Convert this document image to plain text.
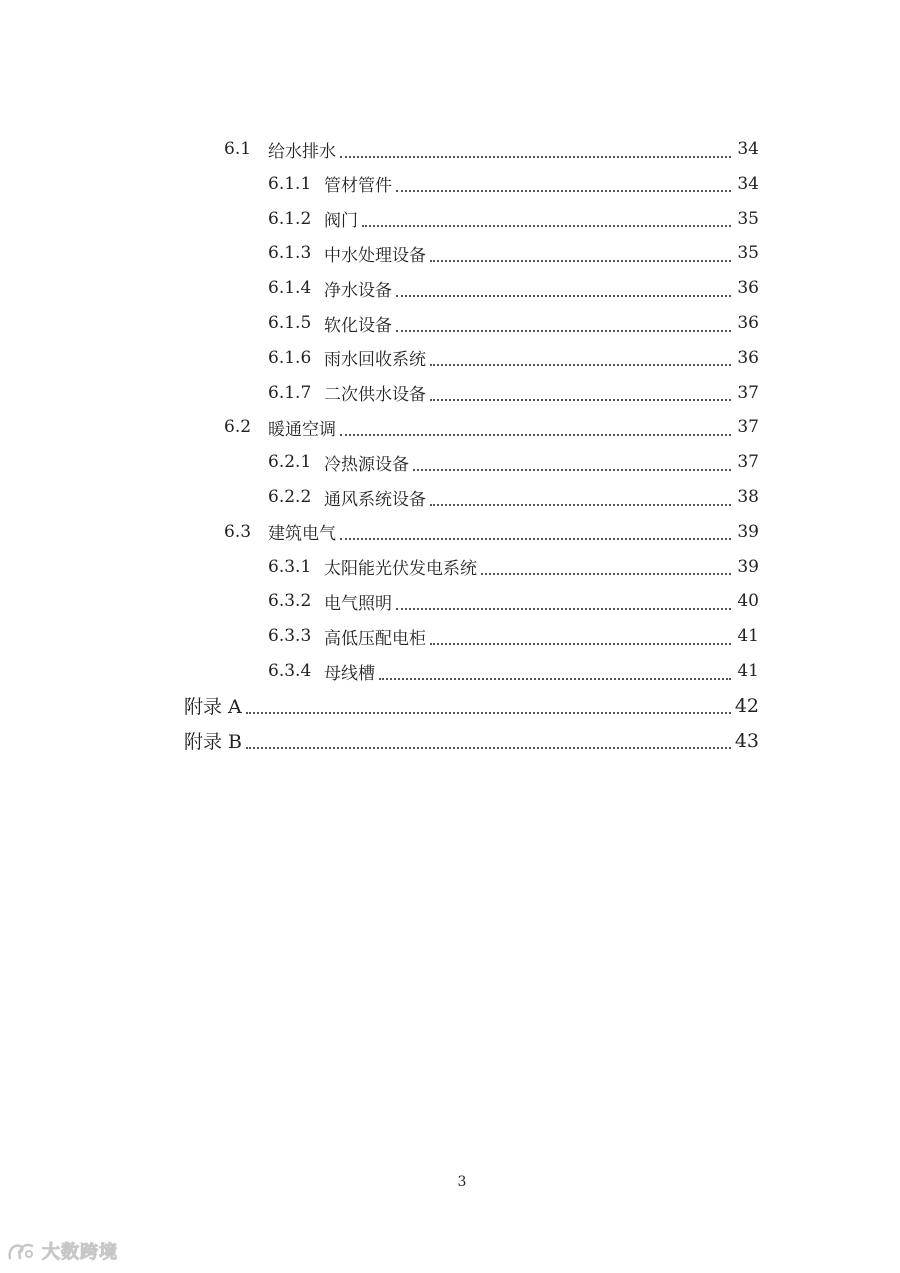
6.1 给水排水	34
6.1.1 管材管件	34
6.1.2 阀门	35
6.1.3 中水处理设备	35
6.1.4 净水设备	36
6.1.5 软化设备	36
6.1.6 雨水回收系统	36
6.1.7 二次供水设备	37
6.2 暖通空调	37
6.2.1 冷热源设备	37
6.2.2 通风系统设备	38
6.3 建筑电气	39
6.3.1 太阳能光伏发电系统	39
6.3.2 电气照明	40
6.3.3 高低压配电柜	41
6.3.4 母线槽	41
附录 A	42
附录 B	43
3
大数跨境
